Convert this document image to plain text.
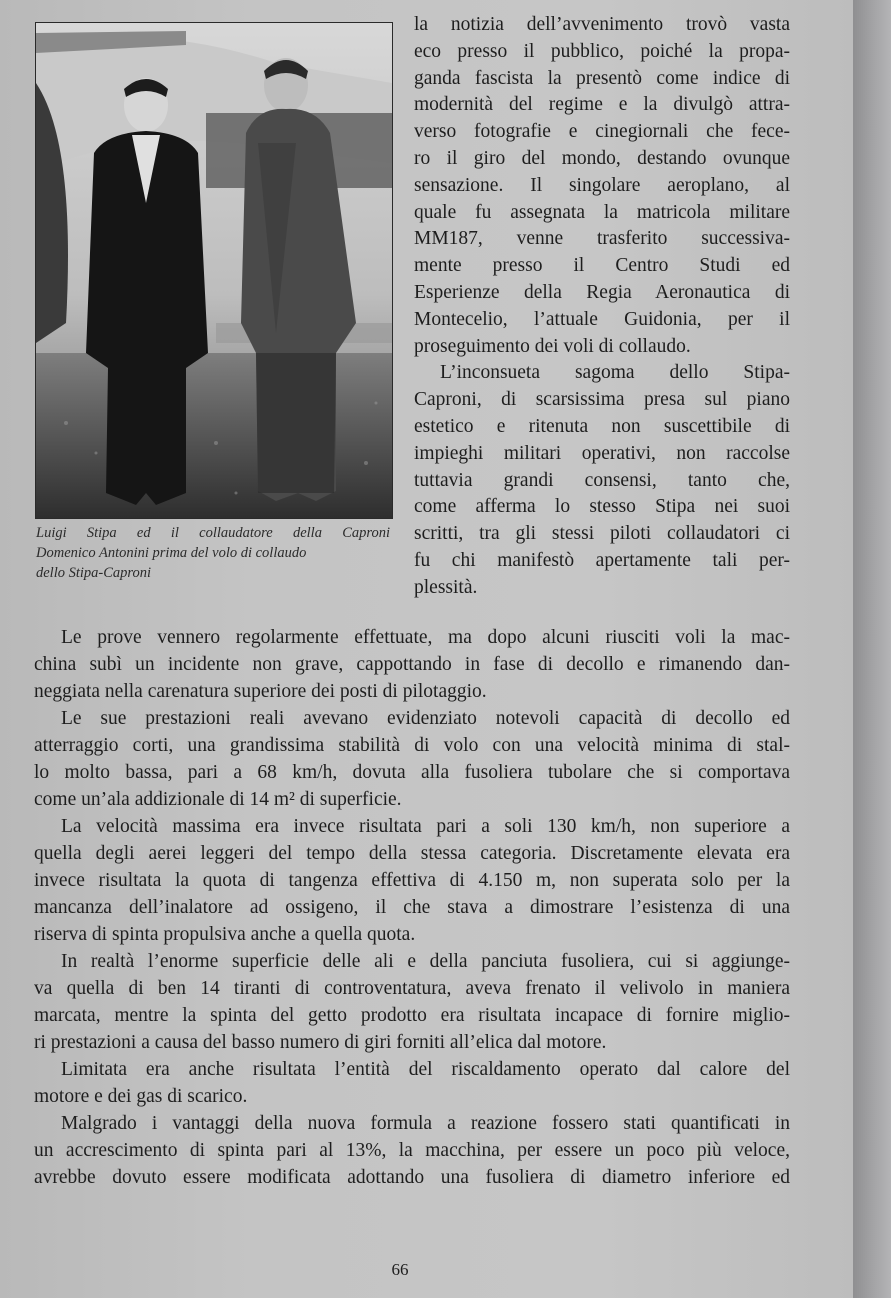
Luigi Stipa ed il collaudatore della Caproni
Domenico Antonini prima del volo di collaudo
dello Stipa-Caproni
la notizia dell’avvenimento trovò vasta
eco presso il pubblico, poiché la propa-
ganda fascista la presentò come indice di
modernità del regime e la divulgò attra-
verso fotografie e cinegiornali che fece-
ro il giro del mondo, destando ovunque
sensazione. Il singolare aeroplano, al
quale fu assegnata la matricola militare
MM187, venne trasferito successiva-
mente presso il Centro Studi ed
Esperienze della Regia Aeronautica di
Montecelio, l’attuale Guidonia, per il
proseguimento dei voli di collaudo.
L’inconsueta sagoma dello Stipa-
Caproni, di scarsissima presa sul piano
estetico e ritenuta non suscettibile di
impieghi militari operativi, non raccolse
tuttavia grandi consensi, tanto che,
come afferma lo stesso Stipa nei suoi
scritti, tra gli stessi piloti collaudatori ci
fu chi manifestò apertamente tali per-
plessità.
Le prove vennero regolarmente effettuate, ma dopo alcuni riusciti voli la mac-
china subì un incidente non grave, cappottando in fase di decollo e rimanendo dan-
neggiata nella carenatura superiore dei posti di pilotaggio.
Le sue prestazioni reali avevano evidenziato notevoli capacità di decollo ed
atterraggio corti, una grandissima stabilità di volo con una velocità minima di stal-
lo molto bassa, pari a 68 km/h, dovuta alla fusoliera tubolare che si comportava
come un’ala addizionale di 14 m² di superficie.
La velocità massima era invece risultata pari a soli 130 km/h, non superiore a
quella degli aerei leggeri del tempo della stessa categoria. Discretamente elevata era
invece risultata la quota di tangenza effettiva di 4.150 m, non superata solo per la
mancanza dell’inalatore ad ossigeno, il che stava a dimostrare l’esistenza di una
riserva di spinta propulsiva anche a quella quota.
In realtà l’enorme superficie delle ali e della panciuta fusoliera, cui si aggiunge-
va quella di ben 14 tiranti di controventatura, aveva frenato il velivolo in maniera
marcata, mentre la spinta del getto prodotto era risultata incapace di fornire miglio-
ri prestazioni a causa del basso numero di giri forniti all’elica dal motore.
Limitata era anche risultata l’entità del riscaldamento operato dal calore del
motore e dei gas di scarico.
Malgrado i vantaggi della nuova formula a reazione fossero stati quantificati in
un accrescimento di spinta pari al 13%, la macchina, per essere un poco più veloce,
avrebbe dovuto essere modificata adottando una fusoliera di diametro inferiore ed
66
